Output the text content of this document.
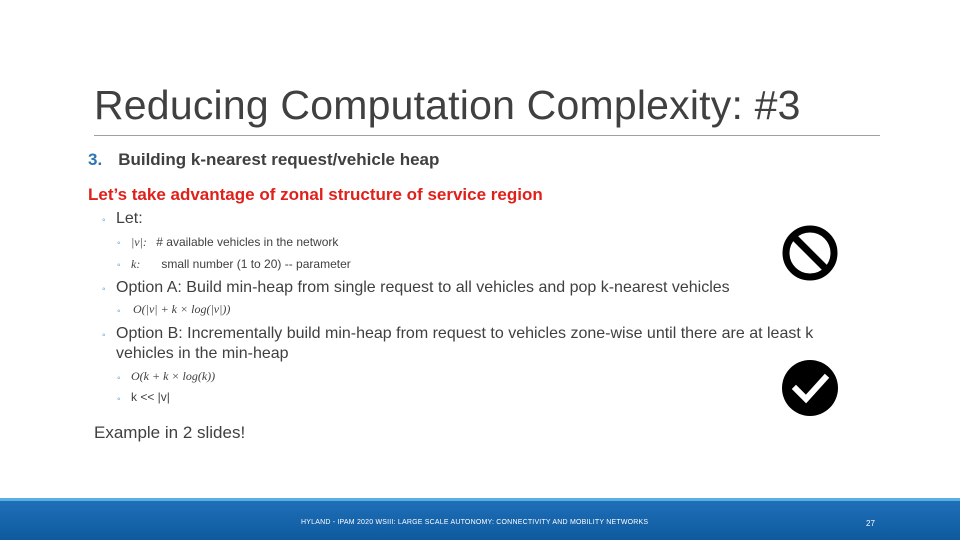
Reducing Computation Complexity: #3
3. Building k-nearest request/vehicle heap
Let’s take advantage of zonal structure of service region
◦ Let:
◦ |v|: # available vehicles in the network
◦ k: small number (1 to 20) -- parameter
◦ Option A: Build min-heap from single request to all vehicles and pop k-nearest vehicles
◦ O(|v| + k × log(|v|))
◦ Option B: Incrementally build min-heap from request to vehicles zone-wise until there are at least k
vehicles in the min-heap
◦ O(k + k × log(k))
◦ k << |v|
Example in 2 slides!
HYLAND - IPAM 2020 WSIII: LARGE SCALE AUTONOMY: CONNECTIVITY AND MOBILITY NETWORKS	27
